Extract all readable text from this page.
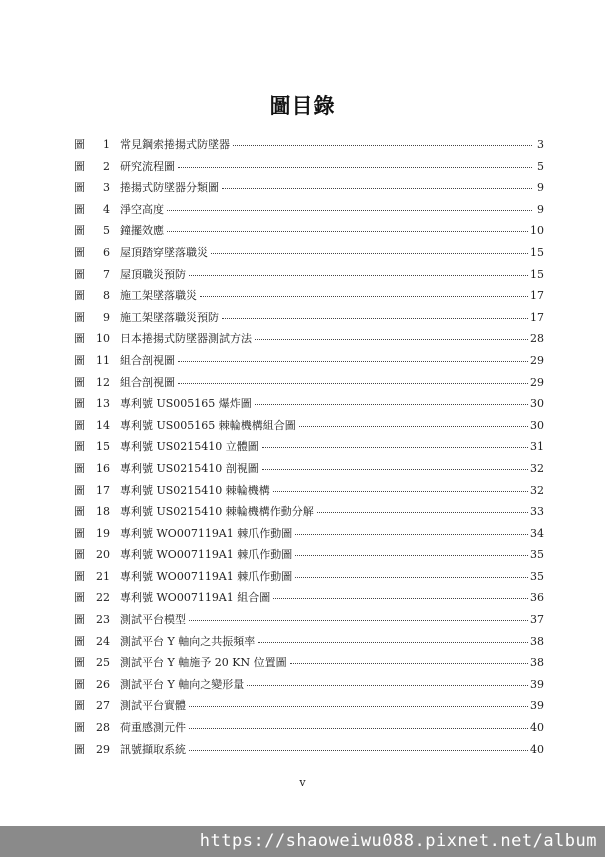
圖目錄
圖	1 常見鋼索捲揚式防墜器	3
圖	2 研究流程圖	5
圖	3 捲揚式防墜器分類圖	9
圖	4 淨空高度	9
圖	5 鐘擺效應	10
圖	6 屋頂踏穿墜落職災	15
圖	7 屋頂職災預防	15
圖	8 施工架墜落職災	17
圖	9 施工架墜落職災預防	17
圖	10 日本捲揚式防墜器測試方法	28
圖	11 組合剖視圖	29
圖	12 組合剖視圖	29
圖	13 專利號 US005165 爆炸圖	30
圖	14 專利號 US005165 棘輪機構組合圖	30
圖	15 專利號 US0215410 立體圖	31
圖	16 專利號 US0215410 剖視圖	32
圖	17 專利號 US0215410 棘輪機構	32
圖	18 專利號 US0215410 棘輪機構作動分解	33
圖	19 專利號 WO007119A1 棘爪作動圖	34
圖	20 專利號 WO007119A1 棘爪作動圖	35
圖	21 專利號 WO007119A1 棘爪作動圖	35
圖	22 專利號 WO007119A1 組合圖	36
圖	23 測試平台模型	37
圖	24 測試平台 Y 軸向之共振頻率	38
圖	25 測試平台 Y 軸施予 20 KN 位置圖	38
圖	26 測試平台 Y 軸向之變形量	39
圖	27 測試平台實體	39
圖	28 荷重感測元件	40
圖	29 訊號擷取系統	40
v
https://shaoweiwu088.pixnet.net/album
